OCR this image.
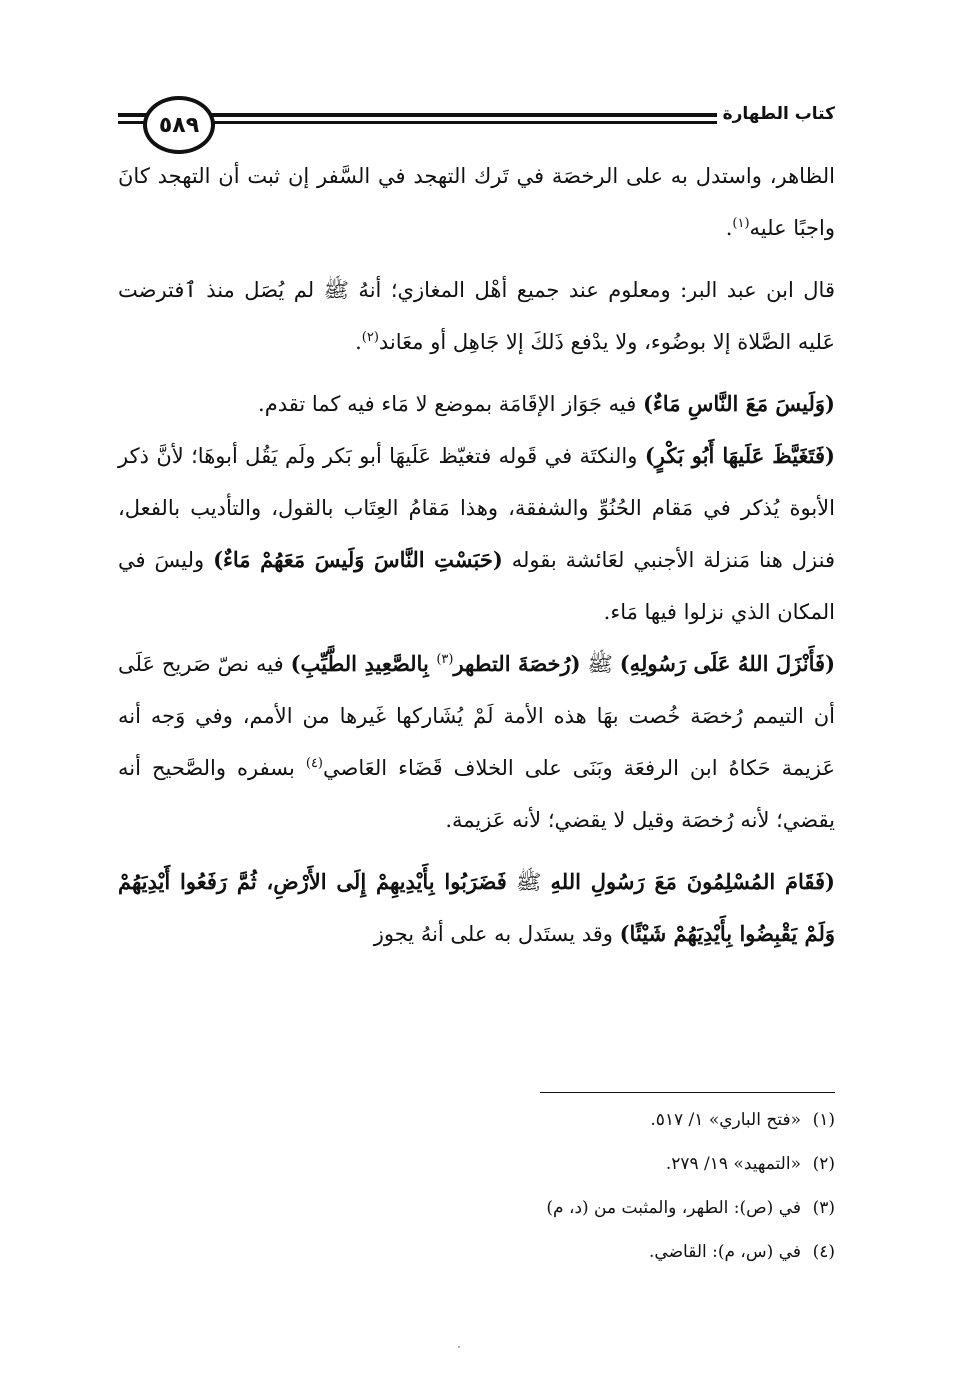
كتاب الطهارة
٥٨٩

الظاهر، واستدل به على الرخصَة في تَرك التهجد في السَّفر إن ثبت أن التهجد كانَ واجبًا عليه$^{(١)}$.

قال ابن عبد البر: ومعلوم عند جميع أهْل المغازي؛ أنهُ ﷺ لم يُصَل منذ ٱفترضت عَليه الصَّلاة إلا بوضُوء، ولا يدْفع ذَلكَ إلا جَاهِل أو معَاند$^{(٢)}$.

(وَلَيسَ مَعَ النَّاسِ مَاءٌ) فيه جَوَاز الإقَامَة بموضع لا مَاء فيه كما تقدم.

(فَتَغَيَّظَ عَلَيهَا أَبُو بَكْرٍ) والنكتَة في قَوله فتغيّظ عَلَيهَا أبو بَكر ولَم يَقُل أبوهَا؛ لأنَّ ذكر الأبوة يُذكر في مَقام الحُنُوِّ والشفقة، وهذا مَقامُ العِتَاب بالقول، والتأديب بالفعل، فنزل هنا مَنزلة الأجنبي لعَائشة بقوله (حَبَسْتِ النَّاسَ وَلَيسَ مَعَهُمْ مَاءٌ) وليسَ في المكان الذي نزلوا فيها مَاء.

(فَأَنْزَلَ اللهُ عَلَى رَسُولِهِ) ﷺ (رُخصَةَ التطهر$^{(٣)}$ بِالصَّعِيدِ الطَّيِّبِ) فيه نصّ صَريح عَلَى أن التيمم رُخصَة خُصت بهَا هذه الأمة لَمْ يُشَاركها غَيرها من الأمم، وفي وَجه أنه عَزيمة حَكاهُ ابن الرفعَة وبَنَى على الخلاف قَضَاء العَاصي$^{(٤)}$ بسفره والصَّحيح أنه يقضي؛ لأنه رُخصَة وقيل لا يقضي؛ لأنه عَزيمة.

(فَقَامَ المُسْلِمُونَ مَعَ رَسُولِ اللهِ ﷺ فَضَرَبُوا بِأَيْدِيهِمْ إِلَى الأَرْضِ، ثُمَّ رَفَعُوا أَيْدِيَهُمْ وَلَمْ يَقْبِضُوا بِأَيْدِيَهُمْ شَيْئًا) وقد يستَدل به على أنهُ يجوز

(١)«فتح الباري» ١/ ٥١٧.
(٢)«التمهيد» ١٩/ ٢٧٩.
(٣)في (ص): الطهر، والمثبت من (د، م)
(٤)في (س، م): القاضي.
